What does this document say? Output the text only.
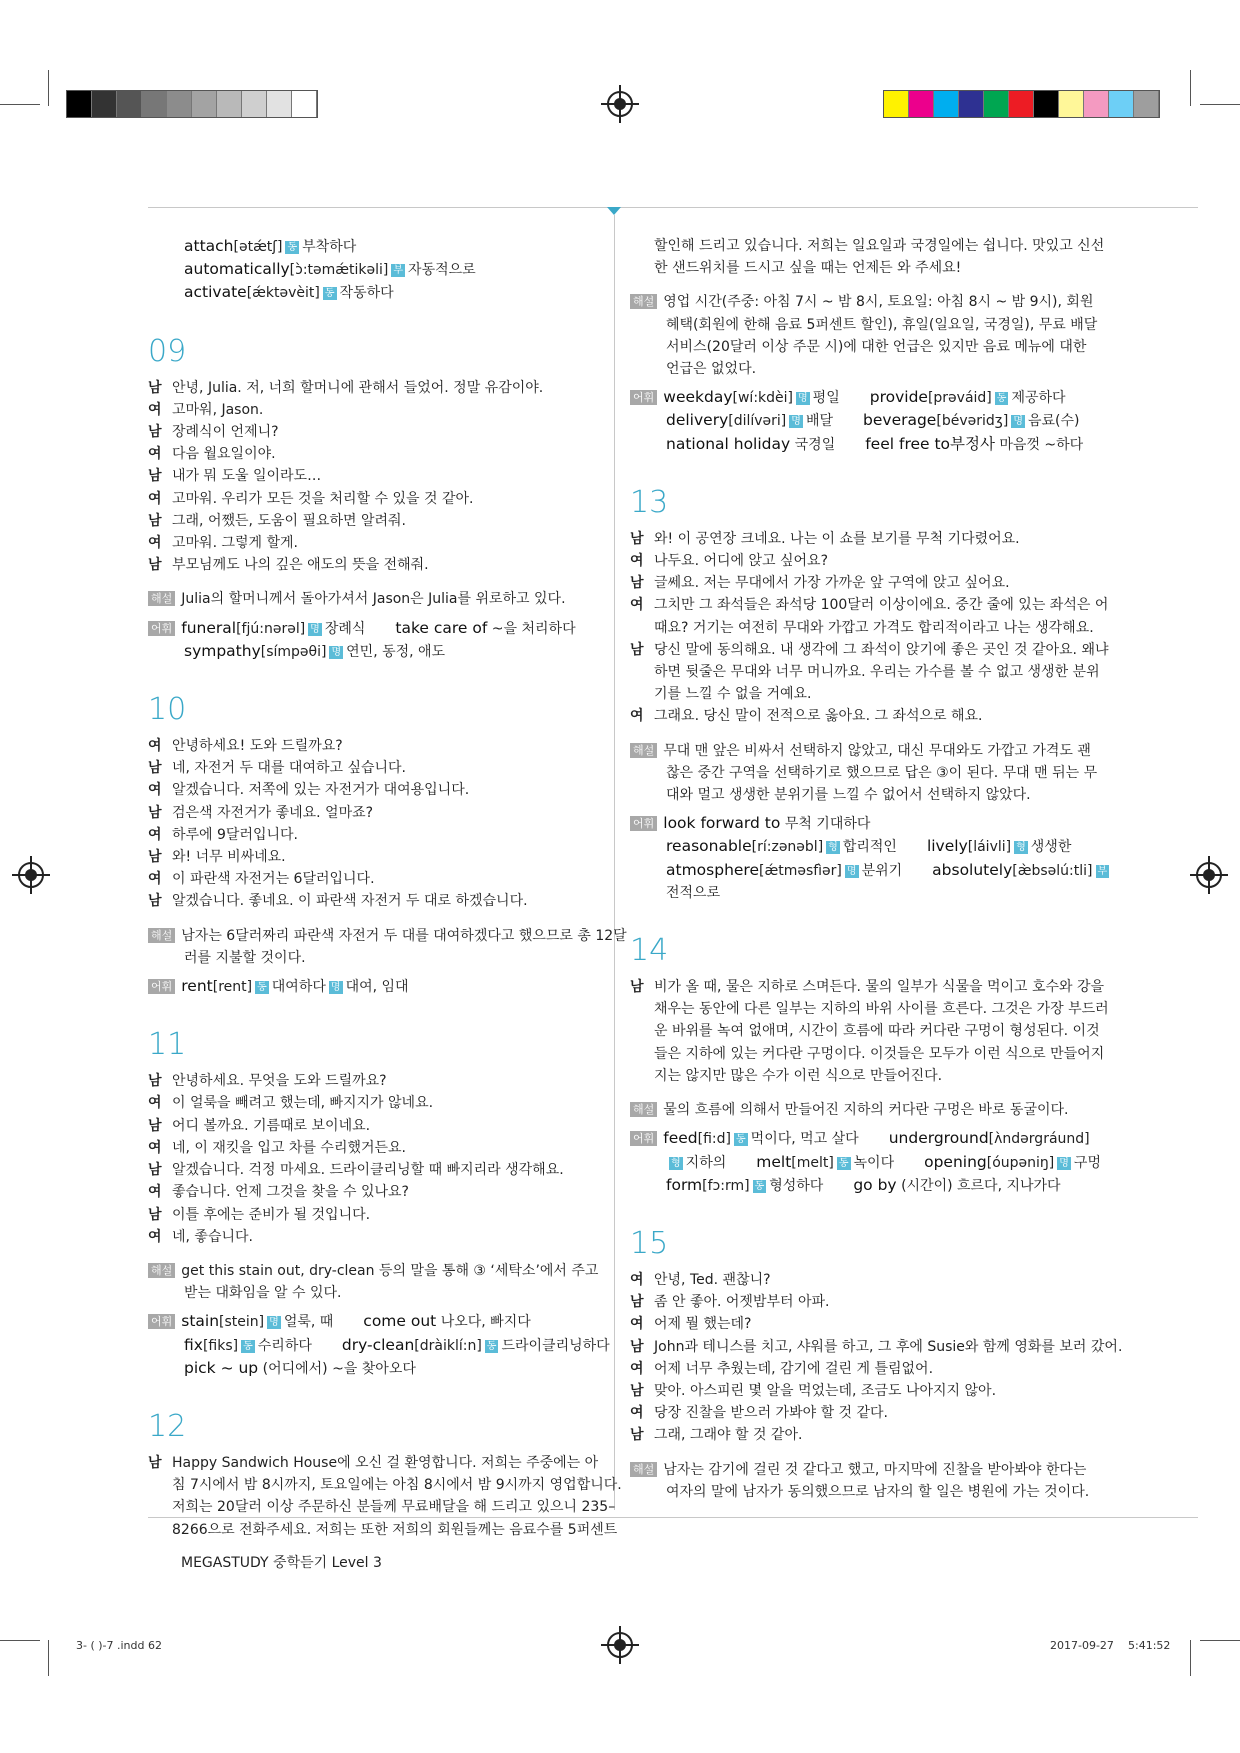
attach[ətǽtʃ] 동 부착하다
automatically[ɔ̀:təmǽtikəli] 부 자동적으로
activate[ǽktəvèit] 동 작동하다
09
남 안녕, Julia. 저, 너희 할머니에 관해서 들었어. 정말 유감이야.
여 고마워, Jason.
남 장례식이 언제니?
여 다음 월요일이야.
남 내가 뭐 도울 일이라도…
여 고마워. 우리가 모든 것을 처리할 수 있을 것 같아.
남 그래, 어쨌든, 도움이 필요하면 알려줘.
여 고마워. 그렇게 할게.
남 부모님께도 나의 깊은 애도의 뜻을 전해줘.
해설 Julia의 할머니께서 돌아가셔서 Jason은 Julia를 위로하고 있다.
어휘 funeral[fjú:nərəl] 명 장례식 take care of ~을 처리하다
sympathy[símpəθi] 명 연민, 동정, 애도
10
여 안녕하세요! 도와 드릴까요?
남 네, 자전거 두 대를 대여하고 싶습니다.
여 알겠습니다. 저쪽에 있는 자전거가 대여용입니다.
남 검은색 자전거가 좋네요. 얼마죠?
여 하루에 9달러입니다.
남 와! 너무 비싸네요.
여 이 파란색 자전거는 6달러입니다.
남 알겠습니다. 좋네요. 이 파란색 자전거 두 대로 하겠습니다.
해설 남자는 6달러짜리 파란색 자전거 두 대를 대여하겠다고 했으므로 총 12달
러를 지불할 것이다.
어휘 rent[rent] 동 대여하다 명 대여, 임대
11
남 안녕하세요. 무엇을 도와 드릴까요?
여 이 얼룩을 빼려고 했는데, 빠지지가 않네요.
남 어디 볼까요. 기름때로 보이네요.
여 네, 이 재킷을 입고 차를 수리했거든요.
남 알겠습니다. 걱정 마세요. 드라이클리닝할 때 빠지리라 생각해요.
여 좋습니다. 언제 그것을 찾을 수 있나요?
남 이틀 후에는 준비가 될 것입니다.
여 네, 좋습니다.
해설 get this stain out, dry-clean 등의 말을 통해 ③ ‘세탁소’에서 주고
받는 대화임을 알 수 있다.
어휘 stain[stein] 명 얼룩, 때 come out 나오다, 빠지다
fix[fiks] 동 수리하다 dry-clean[dràiklí:n] 동 드라이클리닝하다
pick ~ up (어디에서) ~을 찾아오다
12
남 Happy Sandwich House에 오신 걸 환영합니다. 저희는 주중에는 아
침 7시에서 밤 8시까지, 토요일에는 아침 8시에서 밤 9시까지 영업합니다.
저희는 20달러 이상 주문하신 분들께 무료배달을 해 드리고 있으니 235–
8266으로 전화주세요. 저희는 또한 저희의 회원들께는 음료수를 5퍼센트
할인해 드리고 있습니다. 저희는 일요일과 국경일에는 쉽니다. 맛있고 신선
한 샌드위치를 드시고 싶을 때는 언제든 와 주세요!
해설 영업 시간(주중: 아침 7시 ~ 밤 8시, 토요일: 아침 8시 ~ 밤 9시), 회원
혜택(회원에 한해 음료 5퍼센트 할인), 휴일(일요일, 국경일), 무료 배달
서비스(20달러 이상 주문 시)에 대한 언급은 있지만 음료 메뉴에 대한
언급은 없었다.
어휘 weekday[wí:kdèi] 명 평일 provide[prəváid] 동 제공하다
delivery[dilívəri] 명 배달 beverage[bévəridʒ] 명 음료(수)
national holiday 국경일 feel free to부정사 마음껏 ~하다
13
남 와! 이 공연장 크네요. 나는 이 쇼를 보기를 무척 기다렸어요.
여 나두요. 어디에 앉고 싶어요?
남 글쎄요. 저는 무대에서 가장 가까운 앞 구역에 앉고 싶어요.
여 그치만 그 좌석들은 좌석당 100달러 이상이에요. 중간 줄에 있는 좌석은 어
때요? 거기는 여전히 무대와 가깝고 가격도 합리적이라고 나는 생각해요.
남 당신 말에 동의해요. 내 생각에 그 좌석이 앉기에 좋은 곳인 것 같아요. 왜냐
하면 뒷줄은 무대와 너무 머니까요. 우리는 가수를 볼 수 없고 생생한 분위
기를 느낄 수 없을 거예요.
여 그래요. 당신 말이 전적으로 옳아요. 그 좌석으로 해요.
해설 무대 맨 앞은 비싸서 선택하지 않았고, 대신 무대와도 가깝고 가격도 괜
찮은 중간 구역을 선택하기로 했으므로 답은 ③이 된다. 무대 맨 뒤는 무
대와 멀고 생생한 분위기를 느낄 수 없어서 선택하지 않았다.
어휘 look forward to 무척 기대하다
reasonable[rí:zənəbl] 형 합리적인 lively[láivli] 형 생생한
atmosphere[ǽtməsfìər] 명 분위기 absolutely[æ̀bsəlú:tli] 부
전적으로
14
남 비가 올 때, 물은 지하로 스며든다. 물의 일부가 식물을 먹이고 호수와 강을
채우는 동안에 다른 일부는 지하의 바위 사이를 흐른다. 그것은 가장 부드러
운 바위를 녹여 없애며, 시간이 흐름에 따라 커다란 구멍이 형성된다. 이것
들은 지하에 있는 커다란 구멍이다. 이것들은 모두가 이런 식으로 만들어지
지는 않지만 많은 수가 이런 식으로 만들어진다.
해설 물의 흐름에 의해서 만들어진 지하의 커다란 구멍은 바로 동굴이다.
어휘 feed[fi:d] 동 먹이다, 먹고 살다 underground[ʌ̀ndərgráund]
형 지하의 melt[melt] 동 녹이다 opening[óupəniŋ] 명 구멍
form[fɔ:rm] 동 형성하다 go by (시간이) 흐르다, 지나가다
15
여 안녕, Ted. 괜찮니?
남 좀 안 좋아. 어젯밤부터 아파.
여 어제 뭘 했는데?
남 John과 테니스를 치고, 샤워를 하고, 그 후에 Susie와 함께 영화를 보러 갔어.
여 어제 너무 추웠는데, 감기에 걸린 게 틀림없어.
남 맞아. 아스피린 몇 알을 먹었는데, 조금도 나아지지 않아.
여 당장 진찰을 받으러 가봐야 할 것 같다.
남 그래, 그래야 할 것 같아.
해설 남자는 감기에 걸린 것 같다고 했고, 마지막에 진찰을 받아봐야 한다는
여자의 말에 남자가 동의했으므로 남자의 할 일은 병원에 가는 것이다.
MEGASTUDY 중학듣기 Level 3
3- ( )-7 .indd 62	2017-09-27 5:41:52
